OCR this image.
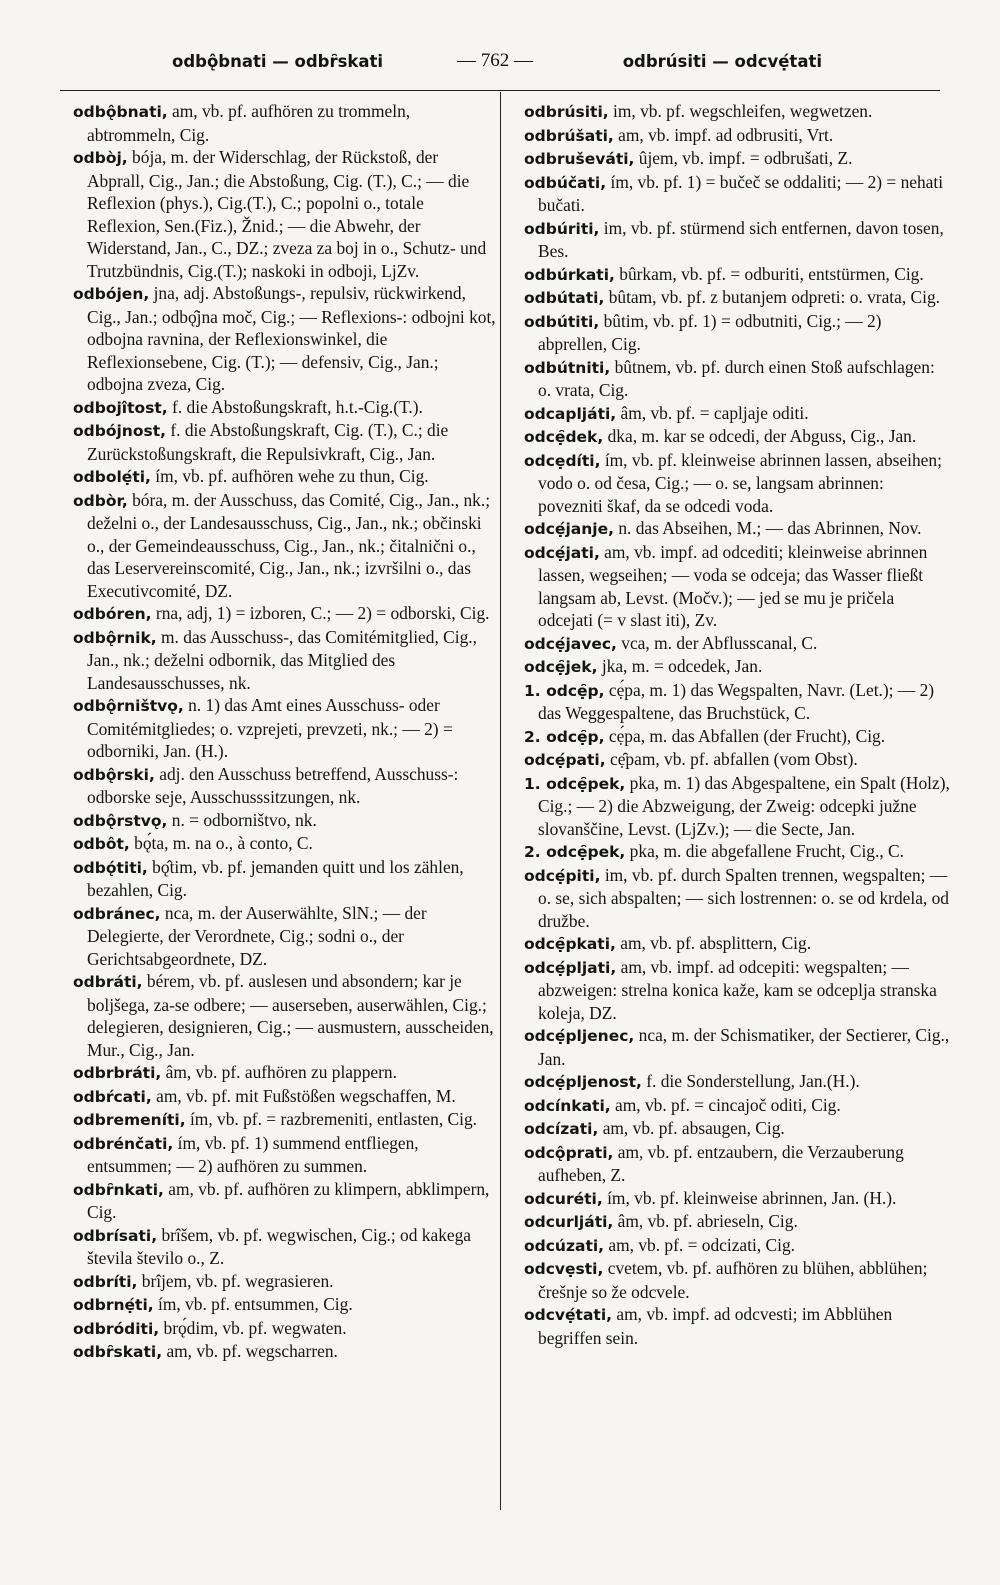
odbǫ̂bnati — odbȓskati	— 762 —	odbrúsiti — odcvẹ́tati

odbǫ̂bnati, am, vb. pf. aufhören zu trommeln, abtrommeln, Cig.

odbòj, bója, m. der Widerschlag, der Rückstoß, der Abprall, Cig., Jan.; die Abstoßung, Cig. (T.), C.; — die Reflexion (phys.), Cig.(T.), C.; popolni o., totale Reflexion, Sen.(Fiz.), Žnid.; — die Abwehr, der Widerstand, Jan., C., DZ.; zveza za boj in o., Schutz- und Trutzbündnis, Cig.(T.); naskoki in odboji, LjZv.

odbójen, jna, adj. Abstoßungs-, repulsiv, rückwirkend, Cig., Jan.; odbǫ̂jna moč, Cig.; — Reflexions-: odbojni kot, odbojna ravnina, der Reflexionswinkel, die Reflexionsebene, Cig. (T.); — defensiv, Cig., Jan.; odbojna zveza, Cig.

odbojîtost, f. die Abstoßungskraft, h.t.-Cig.(T.).

odbójnost, f. die Abstoßungskraft, Cig. (T.), C.; die Zurückstoßungskraft, die Repulsivkraft, Cig., Jan.

odbolẹ́ti, ím, vb. pf. aufhören wehe zu thun, Cig.

odbòr, bóra, m. der Ausschuss, das Comité, Cig., Jan., nk.; deželni o., der Landesausschuss, Cig., Jan., nk.; občinski o., der Gemeindeausschuss, Cig., Jan., nk.; čitalnični o., das Leservereinscomité, Cig., Jan., nk.; izvršilni o., das Executivcomité, DZ.

odbóren, rna, adj, 1) = izboren, C.; — 2) = odborski, Cig.

odbǫ̂rnik, m. das Ausschuss-, das Comitémitglied, Cig., Jan., nk.; deželni odbornik, das Mitglied des Landesausschusses, nk.

odbǫ̂rništvǫ, n. 1) das Amt eines Ausschuss- oder Comitémitgliedes; o. vzprejeti, prevzeti, nk.; — 2) = odborniki, Jan. (H.).

odbǫ̂rski, adj. den Ausschuss betreffend, Ausschuss-: odborske seje, Ausschusssitzungen, nk.

odbǫ̂rstvǫ, n. = odborništvo, nk.

odbôt, bǫ́ta, m. na o., à conto, C.

odbǫ́titi, bǫ̂tim, vb. pf. jemanden quitt und los zählen, bezahlen, Cig.

odbránec, nca, m. der Auserwählte, SlN.; — der Delegierte, der Verordnete, Cig.; sodni o., der Gerichtsabgeordnete, DZ.

odbráti, bérem, vb. pf. auslesen und absondern; kar je boljšega, za-se odbere; — auserseben, auserwählen, Cig.; delegieren, designieren, Cig.; — ausmustern, ausscheiden, Mur., Cig., Jan.

odbrbráti, âm, vb. pf. aufhören zu plappern.

odbŕcati, am, vb. pf. mit Fußstößen wegschaffen, M.

odbremeníti, ím, vb. pf. = razbremeniti, entlasten, Cig.

odbrénčati, ím, vb. pf. 1) summend entfliegen, entsummen; — 2) aufhören zu summen.

odbȓnkati, am, vb. pf. aufhören zu klimpern, abklimpern, Cig.

odbrísati, brîšem, vb. pf. wegwischen, Cig.; od kakega števila število o., Z.

odbríti, brîjem, vb. pf. wegrasieren.

odbrnẹ́ti, ím, vb. pf. entsummen, Cig.

odbróditi, brǫ́dim, vb. pf. wegwaten.

odbȓskati, am, vb. pf. wegscharren.

odbrúsiti, im, vb. pf. wegschleifen, wegwetzen.

odbrúšati, am, vb. impf. ad odbrusiti, Vrt.

odbruševáti, ûjem, vb. impf. = odbrušati, Z.

odbúčati, ím, vb. pf. 1) = bučeč se oddaliti; — 2) = nehati bučati.

odbúriti, im, vb. pf. stürmend sich entfernen, davon tosen, Bes.

odbúrkati, bûrkam, vb. pf. = odburiti, entstürmen, Cig.

odbútati, bûtam, vb. pf. z butanjem odpreti: o. vrata, Cig.

odbútiti, bûtim, vb. pf. 1) = odbutniti, Cig.; — 2) abprellen, Cig.

odbútniti, bûtnem, vb. pf. durch einen Stoß aufschlagen: o. vrata, Cig.

odcapljáti, âm, vb. pf. = capljaje oditi.

odcẹ̑dek, dka, m. kar se odcedi, der Abguss, Cig., Jan.

odcẹdíti, ím, vb. pf. kleinweise abrinnen lassen, abseihen; vodo o. od česa, Cig.; — o. se, langsam abrinnen: povezniti škaf, da se odcedi voda.

odcẹ́janje, n. das Abseihen, M.; — das Abrinnen, Nov.

odcẹ́jati, am, vb. impf. ad odcediti; kleinweise abrinnen lassen, wegseihen; — voda se odceja; das Wasser fließt langsam ab, Levst. (Močv.); — jed se mu je pričela odcejati (= v slast iti), Zv.

odcẹ́javec, vca, m. der Abflusscanal, C.

odcẹ̑jek, jka, m. = odcedek, Jan.

1. odcẹ̑p, cẹ́pa, m. 1) das Wegspalten, Navr. (Let.); — 2) das Weggespaltene, das Bruchstück, C.

2. odcẹ̑p, cẹ́pa, m. das Abfallen (der Frucht), Cig.

odcẹ́pati, cẹ̑pam, vb. pf. abfallen (vom Obst).

1. odcẹ̑pek, pka, m. 1) das Abgespaltene, ein Spalt (Holz), Cig.; — 2) die Abzweigung, der Zweig: odcepki južne slovanščine, Levst. (LjZv.); — die Secte, Jan.

2. odcẹ̑pek, pka, m. die abgefallene Frucht, Cig., C.

odcẹ́piti, im, vb. pf. durch Spalten trennen, wegspalten; — o. se, sich abspalten; — sich lostrennen: o. se od krdela, od družbe.

odcẹ̑pkati, am, vb. pf. absplittern, Cig.

odcẹ́pljati, am, vb. impf. ad odcepiti: wegspalten; — abzweigen: strelna konica kaže, kam se odceplja stranska koleja, DZ.

odcẹ́pljenec, nca, m. der Schismatiker, der Sectierer, Cig., Jan.

odcẹ́pljenost, f. die Sonderstellung, Jan.(H.).

odcínkati, am, vb. pf. = cincajoč oditi, Cig.

odcízati, am, vb. pf. absaugen, Cig.

odcǫ̂prati, am, vb. pf. entzaubern, die Verzauberung aufheben, Z.

odcuréti, ím, vb. pf. kleinweise abrinnen, Jan. (H.).

odcurljáti, âm, vb. pf. abrieseln, Cig.

odcúzati, am, vb. pf. = odcizati, Cig.

odcvẹsti, cvetem, vb. pf. aufhören zu blühen, abblühen; črešnje so že odcvele.

odcvẹ́tati, am, vb. impf. ad odcvesti; im Abblühen begriffen sein.
